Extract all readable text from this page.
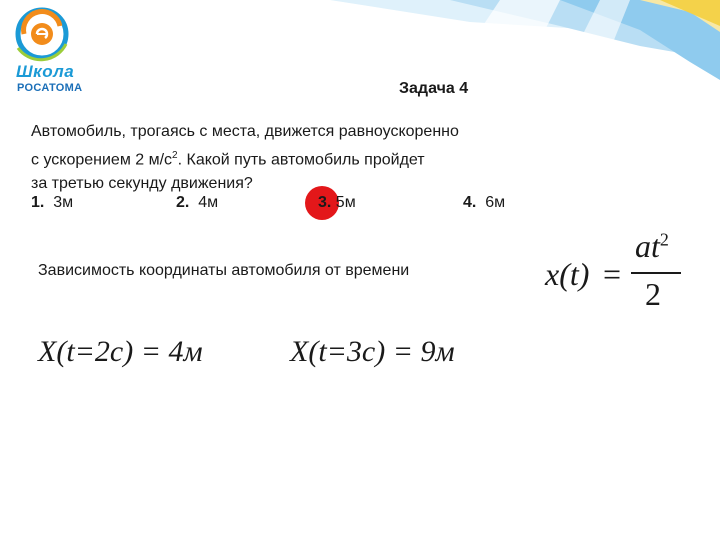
Школа
РОСАТОМА	Задача 4
Автомобиль, трогаясь с места, движется равноускоренно
с ускорением 2 $м/с^2$. Какой путь автомобиль пройдет
за третью секунду движения?
1. 3м	2. 4м	3. 5м	4. 6м
Зависимость координаты автомобиля от времени	x(t) =
$at^2$
2
X(t=2с) = 4м	X(t=3с) = 9м
